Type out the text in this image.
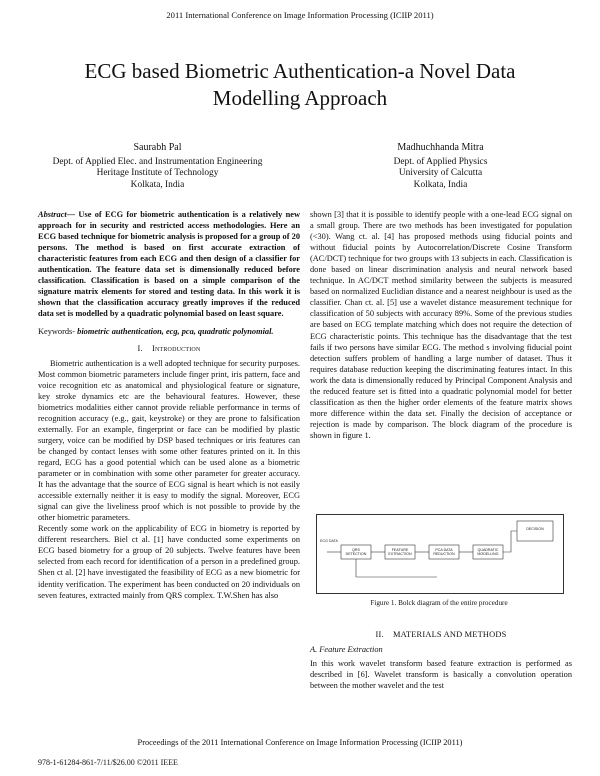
2011 International Conference on Image Information Processing (ICIIP 2011)
ECG based Biometric Authentication-a Novel Data
Modelling Approach
Saurabh Pal
Dept. of Applied Elec. and Instrumentation Engineering
Heritage Institute of Technology
Kolkata, India
Madhuchhanda Mitra
Dept. of Applied Physics
University of Calcutta
Kolkata, India

Abstract— Use of ECG for biometric authentication is a relatively new approach for in security and restricted access methodologies. Here an ECG based technique for biometric analysis is proposed for a group of 20 persons. The method is based on first accurate extraction of characteristic features from each ECG and then design of a classifier for authentication. The feature data set is dimensionally reduced before classification. Classification is based on a simple comparison of the signature matrix elements for stored and testing data. In this work it is shown that the classification accuracy greatly improves if the reduced data set is modelled by a quadratic polynomial based on least square.

Keywords- biometric authentication, ecg, pca, quadratic polynomial.

I. Introduction

Biometric authentication is a well adopted technique for security purposes. Most common biometric parameters include finger print, iris pattern, face and voice recognition etc as anatomical and physiological feature or signature, key stroke dynamics etc are the behavioural features. However, these biometrics modalities either cannot provide reliable performance in terms of recognition accuracy (e.g., gait, keystroke) or they are prone to falsification externally. For an example, fingerprint or face can be modified by plastic surgery, voice can be modified by DSP based techniques or iris features can be changed by contact lenses with some other features printed on it. In this regard, ECG has a good potential which can be used alone as a biometric parameter or in combination with some other parameter for greater accuracy. It has the advantage that the source of ECG signal is heart which is not easily accessible externally neither it is easy to modify the signal. Moreover, ECG signal can give the liveliness proof which is not possible to provide by the other biometric parameters.

Recently some work on the applicability of ECG in biometry is reported by different researchers. Biel ct al. [1] have conducted some experiments on ECG based biometry for a group of 20 subjects. Twelve features have been selected from each record for identification of a person in a predefined group. Shen ct al. [2] have investigated the feasibility of ECG as a new biometric for identity verification. The experiment has been conducted on 20 individuals on seven features, extracted mainly from QRS complex. T.W.Shen has also

shown [3] that it is possible to identify people with a one-lead ECG signal on a small group. There are two methods has been investigated for population (<30). Wang ct. al. [4] has proposed methods using fiducial points and without fiducial points by Autocorrelation/Discrete Cosine Transform (AC/DCT) technique for two groups with 13 subjects in each. Classification is done based on linear discrimination analysis and neural network based technique. In AC/DCT method similarity between the subjects is measured based on normalized Euclidian distance and a nearest neighbour is used as the classifier. Chan ct. al. [5] use a wavelet distance measurement technique for classification of 50 subjects with accuracy 89%. Some of the previous studies are based on ECG template matching which does not require the detection of ECG characteristic points. This technique has the disadvantage that the test fails if two persons have similar ECG. The method s involving fiducial point detection suffers problem of handling a large number of dataset. Thus it requires database reduction keeping the discriminating features intact. In this work the data is dimensionally reduced by Principal Component Analysis and the reduced feature set is fitted into a quadratic polynomial model for better classification as then the higher order elements of the feature matrix shows more difference within the data set. Finally the decision of acceptance or rejection is made by comparison. The block diagram of the procedure is shown in figure 1.

ECG DATA
QRS DETECTION
FEATURE EXTRACTION
PCA DATA REDUCTION
QUADRATIC MODELLING
DECISION
Figure 1. Bolck diagram of the entire procedure
II. MATERIALS AND METHODS
A. Feature Extraction

In this work wavelet transform based feature extraction is performed as described in [6]. Wavelet transform is basically a convolution operation between the mother wavelet and the test

Proceedings of the 2011 International Conference on Image Information Processing (ICIIP 2011)
978-1-61284-861-7/11/$26.00 ©2011 IEEE
